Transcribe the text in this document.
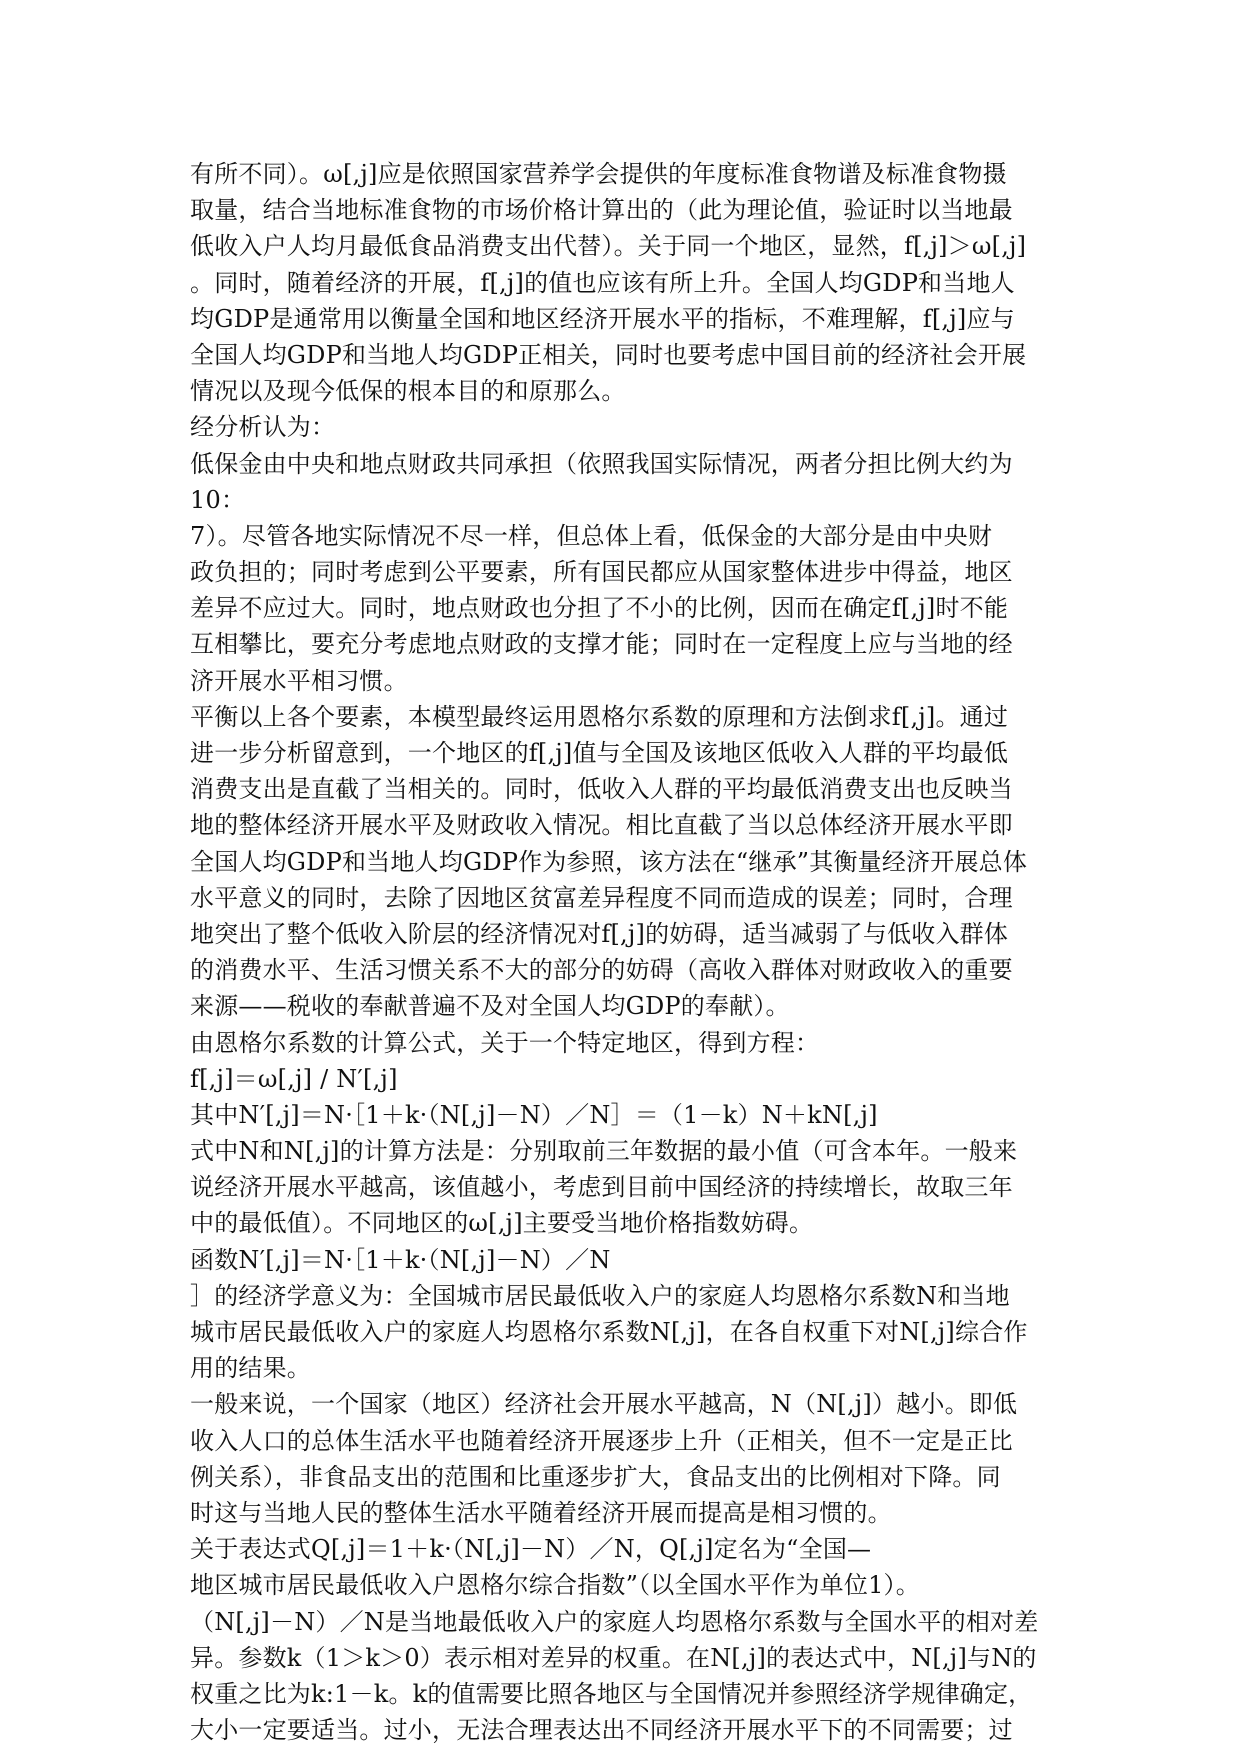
有所不同）。ω[,j]应是依照国家营养学会提供的年度标准食物谱及标准食物摄
取量，结合当地标准食物的市场价格计算出的（此为理论值，验证时以当地最
低收入户人均月最低食品消费支出代替）。关于同一个地区，显然，f[,j]＞ω[,j]
。同时，随着经济的开展，f[,j]的值也应该有所上升。全国人均GDP和当地人
均GDP是通常用以衡量全国和地区经济开展水平的指标，不难理解，f[,j]应与
全国人均GDP和当地人均GDP正相关，同时也要考虑中国目前的经济社会开展
情况以及现今低保的根本目的和原那么。
经分析认为：
低保金由中央和地点财政共同承担（依照我国实际情况，两者分担比例大约为
10：
7）。尽管各地实际情况不尽一样，但总体上看，低保金的大部分是由中央财
政负担的；同时考虑到公平要素，所有国民都应从国家整体进步中得益，地区
差异不应过大。同时，地点财政也分担了不小的比例，因而在确定f[,j]时不能
互相攀比，要充分考虑地点财政的支撑才能；同时在一定程度上应与当地的经
济开展水平相习惯。
平衡以上各个要素，本模型最终运用恩格尔系数的原理和方法倒求f[,j]。通过
进一步分析留意到，一个地区的f[,j]值与全国及该地区低收入人群的平均最低
消费支出是直截了当相关的。同时，低收入人群的平均最低消费支出也反映当
地的整体经济开展水平及财政收入情况。相比直截了当以总体经济开展水平即
全国人均GDP和当地人均GDP作为参照，该方法在“继承”其衡量经济开展总体
水平意义的同时，去除了因地区贫富差异程度不同而造成的误差；同时，合理
地突出了整个低收入阶层的经济情况对f[,j]的妨碍，适当减弱了与低收入群体
的消费水平、生活习惯关系不大的部分的妨碍（高收入群体对财政收入的重要
来源——税收的奉献普遍不及对全国人均GDP的奉献）。
由恩格尔系数的计算公式，关于一个特定地区，得到方程：
f[,j]＝ω[,j] / N′[,j]
其中N′[,j]＝N·［1＋k·（N[,j]－N）／N］＝（1－k）N＋kN[,j]
式中N和N[,j]的计算方法是：分别取前三年数据的最小值（可含本年。一般来
说经济开展水平越高，该值越小，考虑到目前中国经济的持续增长，故取三年
中的最低值）。不同地区的ω[,j]主要受当地价格指数妨碍。
函数N′[,j]＝N·［1＋k·（N[,j]－N）／N
］的经济学意义为：全国城市居民最低收入户的家庭人均恩格尔系数N和当地
城市居民最低收入户的家庭人均恩格尔系数N[,j]，在各自权重下对N[,j]综合作
用的结果。
一般来说，一个国家（地区）经济社会开展水平越高，N（N[,j]）越小。即低
收入人口的总体生活水平也随着经济开展逐步上升（正相关，但不一定是正比
例关系），非食品支出的范围和比重逐步扩大，食品支出的比例相对下降。同
时这与当地人民的整体生活水平随着经济开展而提高是相习惯的。
关于表达式Q[,j]＝1＋k·（N[,j]－N）／N，Q[,j]定名为“全国—
地区城市居民最低收入户恩格尔综合指数”（以全国水平作为单位1）。
（N[,j]－N）／N是当地最低收入户的家庭人均恩格尔系数与全国水平的相对差
异。参数k（1＞k＞0）表示相对差异的权重。在N[,j]的表达式中，N[,j]与N的
权重之比为k:1－k。k的值需要比照各地区与全国情况并参照经济学规律确定，
大小一定要适当。过小，无法合理表达出不同经济开展水平下的不同需要；过
